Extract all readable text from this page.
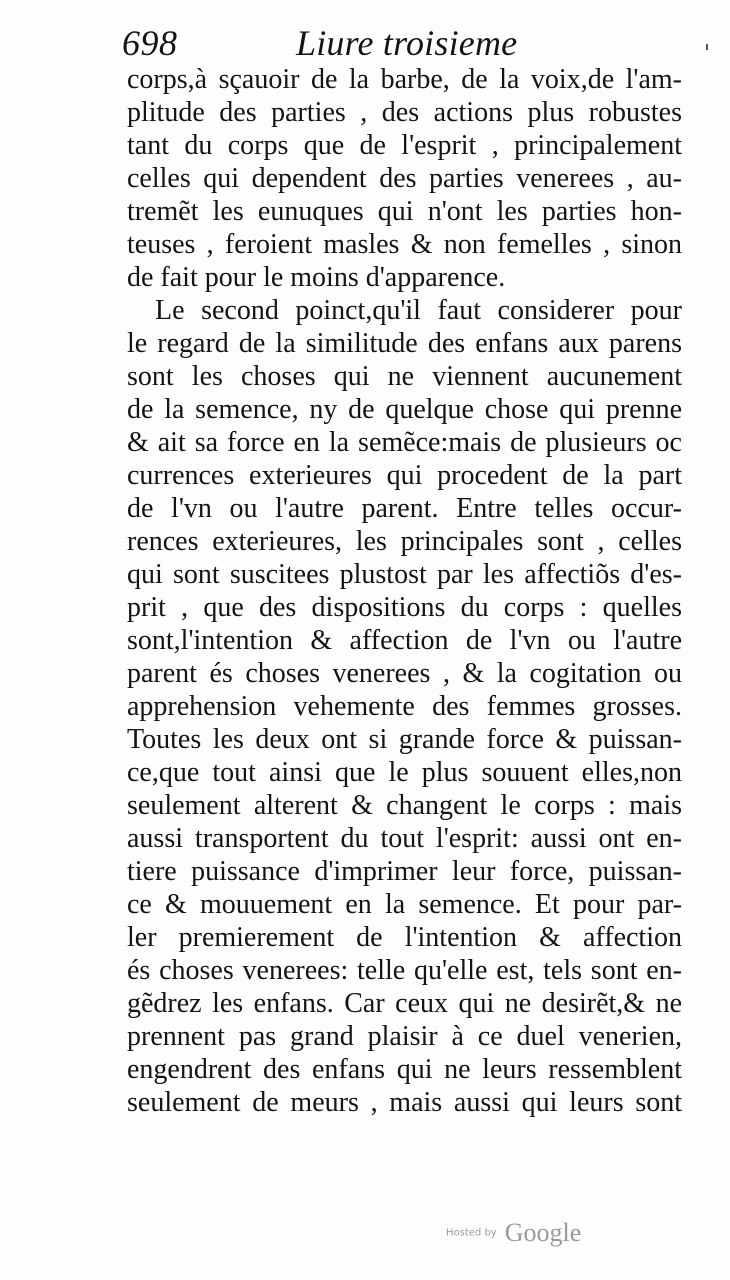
698	Liure troisieme
corps,à sçauoir de la barbe, de la voix,de l'am-
plitude des parties , des actions plus robustes
tant du corps que de l'esprit , principalement
celles qui dependent des parties venerees , au-
tremẽt les eunuques qui n'ont les parties hon-
teuses , feroient masles & non femelles , sinon
de fait pour le moins d'apparence.
Le second poinct,qu'il faut considerer pour
le regard de la similitude des enfans aux parens
sont les choses qui ne viennent aucunement
de la semence, ny de quelque chose qui prenne
& ait sa force en la semẽce:mais de plusieurs oc
currences exterieures qui procedent de la part
de l'vn ou l'autre parent. Entre telles occur-
rences exterieures, les principales sont , celles
qui sont suscitees plustost par les affectiõs d'es-
prit , que des dispositions du corps : quelles
sont,l'intention & affection de l'vn ou l'autre
parent és choses venerees , & la cogitation ou
apprehension vehemente des femmes grosses.
Toutes les deux ont si grande force & puissan-
ce,que tout ainsi que le plus souuent elles,non
seulement alterent & changent le corps : mais
aussi transportent du tout l'esprit: aussi ont en-
tiere puissance d'imprimer leur force, puissan-
ce & mouuement en la semence. Et pour par-
ler premierement de l'intention & affection
és choses venerees: telle qu'elle est, tels sont en-
gẽdrez les enfans. Car ceux qui ne desirẽt,& ne
prennent pas grand plaisir à ce duel venerien,
engendrent des enfans qui ne leurs ressemblent
seulement de meurs , mais aussi qui leurs sont
Hosted by Google
